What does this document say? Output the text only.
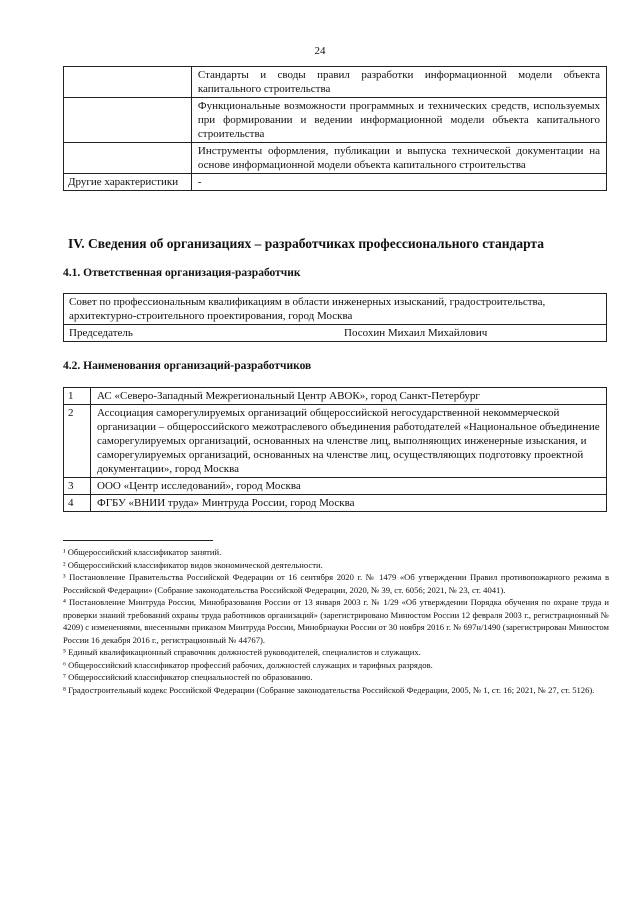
24
	Стандарты и своды правил разработки информационной модели объекта капитального строительства
	Функциональные возможности программных и технических средств, используемых при формировании и ведении информационной модели объекта капитального строительства
	Инструменты оформления, публикации и выпуска технической документации на основе информационной модели объекта капитального строительства
Другие характеристики	-
IV. Сведения об организациях – разработчиках профессионального стандарта
4.1. Ответственная организация-разработчик
Совет по профессиональным квалификациям в области инженерных изысканий, градостроительства, архитектурно-строительного проектирования, город Москва

Председатель	Посохин Михаил Михайлович
4.2. Наименования организаций-разработчиков
1	АС «Северо-Западный Межрегиональный Центр АВОК», город Санкт-Петербург
2	Ассоциация саморегулируемых организаций общероссийской негосударственной некоммерческой организации – общероссийского межотраслевого объединения работодателей «Национальное объединение саморегулируемых организаций, основанных на членстве лиц, выполняющих инженерные изыскания, и саморегулируемых организаций, основанных на членстве лиц, осуществляющих подготовку проектной документации», город Москва
3	ООО «Центр исследований», город Москва
4	ФГБУ «ВНИИ труда» Минтруда России, город Москва

¹ Общероссийский классификатор занятий.

² Общероссийский классификатор видов экономической деятельности.

³ Постановление Правительства Российской Федерации от 16 сентября 2020 г. № 1479 «Об утверждении Правил противопожарного режима в Российской Федерации» (Собрание законодательства Российской Федерации, 2020, № 39, ст. 6056; 2021, № 23, ст. 4041).

⁴ Постановление Минтруда России, Минобразования России от 13 января 2003 г. № 1/29 «Об утверждении Порядка обучения по охране труда и проверки знаний требований охраны труда работников организаций» (зарегистрировано Минюстом России 12 февраля 2003 г., регистрационный № 4209) с изменениями, внесенными приказом Минтруда России, Минобрнауки России от 30 ноября 2016 г. № 697н/1490 (зарегистрирован Минюстом России 16 декабря 2016 г., регистрационный № 44767).

⁵ Единый квалификационный справочник должностей руководителей, специалистов и служащих.

⁶ Общероссийский классификатор профессий рабочих, должностей служащих и тарифных разрядов.

⁷ Общероссийский классификатор специальностей по образованию.

⁸ Градостроительный кодекс Российской Федерации (Собрание законодательства Российской Федерации, 2005, № 1, ст. 16; 2021, № 27, ст. 5126).
